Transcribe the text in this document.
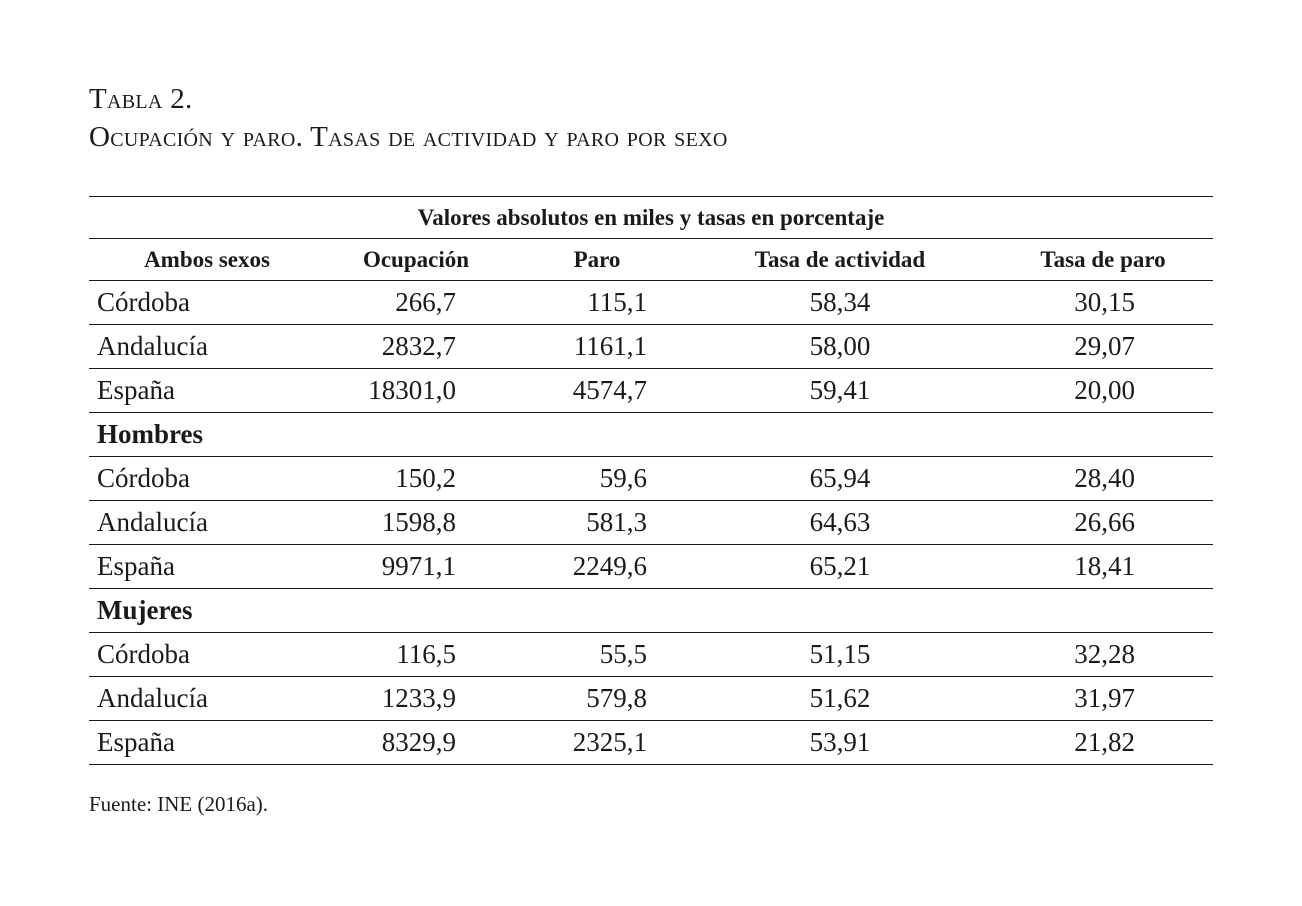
Tabla 2.
Ocupación y paro. Tasas de actividad y paro por sexo
Valores absolutos en miles y tasas en porcentaje				
Ambos sexos	Ocupación	Paro	Tasa de actividad	Tasa de paro
Córdoba	266,7	115,1	58,34	30,15
Andalucía	2832,7	1161,1	58,00	29,07
España	18301,0	4574,7	59,41	20,00
Hombres				
Córdoba	150,2	59,6	65,94	28,40
Andalucía	1598,8	581,3	64,63	26,66
España	9971,1	2249,6	65,21	18,41
Mujeres				
Córdoba	116,5	55,5	51,15	32,28
Andalucía	1233,9	579,8	51,62	31,97
España	8329,9	2325,1	53,91	21,82
Fuente: INE (2016a).
